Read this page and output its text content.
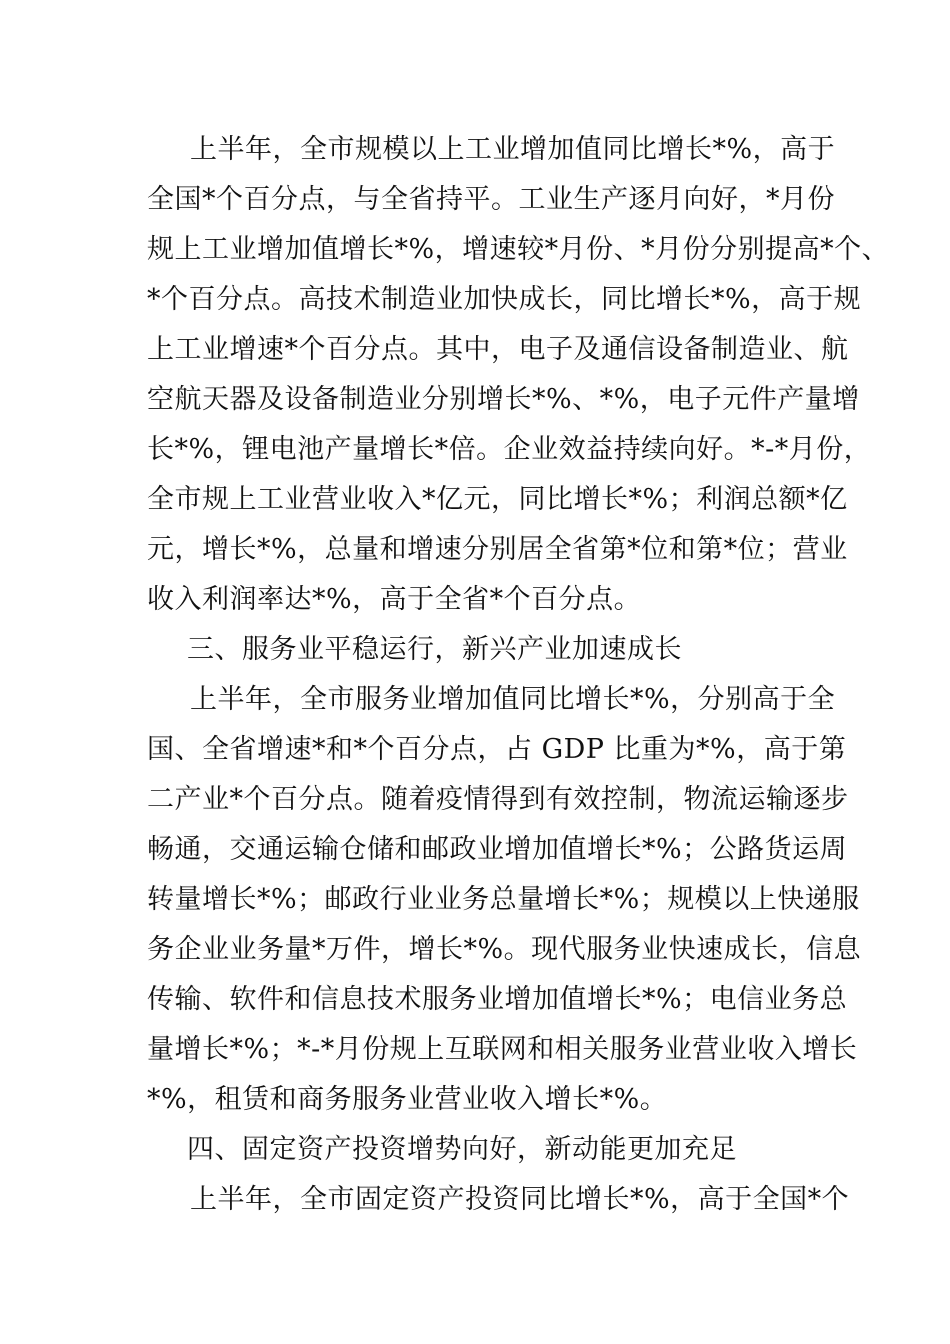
上半年，全市规模以上工业增加值同比增长*%，高于
全国*个百分点，与全省持平。工业生产逐月向好，*月份
规上工业增加值增长*%，增速较*月份、*月份分别提高*个、
*个百分点。高技术制造业加快成长，同比增长*%，高于规
上工业增速*个百分点。其中，电子及通信设备制造业、航
空航天器及设备制造业分别增长*%、*%，电子元件产量增
长*%，锂电池产量增长*倍。企业效益持续向好。*-*月份，
全市规上工业营业收入*亿元，同比增长*%；利润总额*亿
元，增长*%，总量和增速分别居全省第*位和第*位；营业
收入利润率达*%，高于全省*个百分点。
三、服务业平稳运行，新兴产业加速成长
上半年，全市服务业增加值同比增长*%，分别高于全
国、全省增速*和*个百分点，占 GDP 比重为*%，高于第
二产业*个百分点。随着疫情得到有效控制，物流运输逐步
畅通，交通运输仓储和邮政业增加值增长*%；公路货运周
转量增长*%；邮政行业业务总量增长*%；规模以上快递服
务企业业务量*万件，增长*%。现代服务业快速成长，信息
传输、软件和信息技术服务业增加值增长*%；电信业务总
量增长*%；*-*月份规上互联网和相关服务业营业收入增长
*%，租赁和商务服务业营业收入增长*%。
四、固定资产投资增势向好，新动能更加充足
上半年，全市固定资产投资同比增长*%，高于全国*个
